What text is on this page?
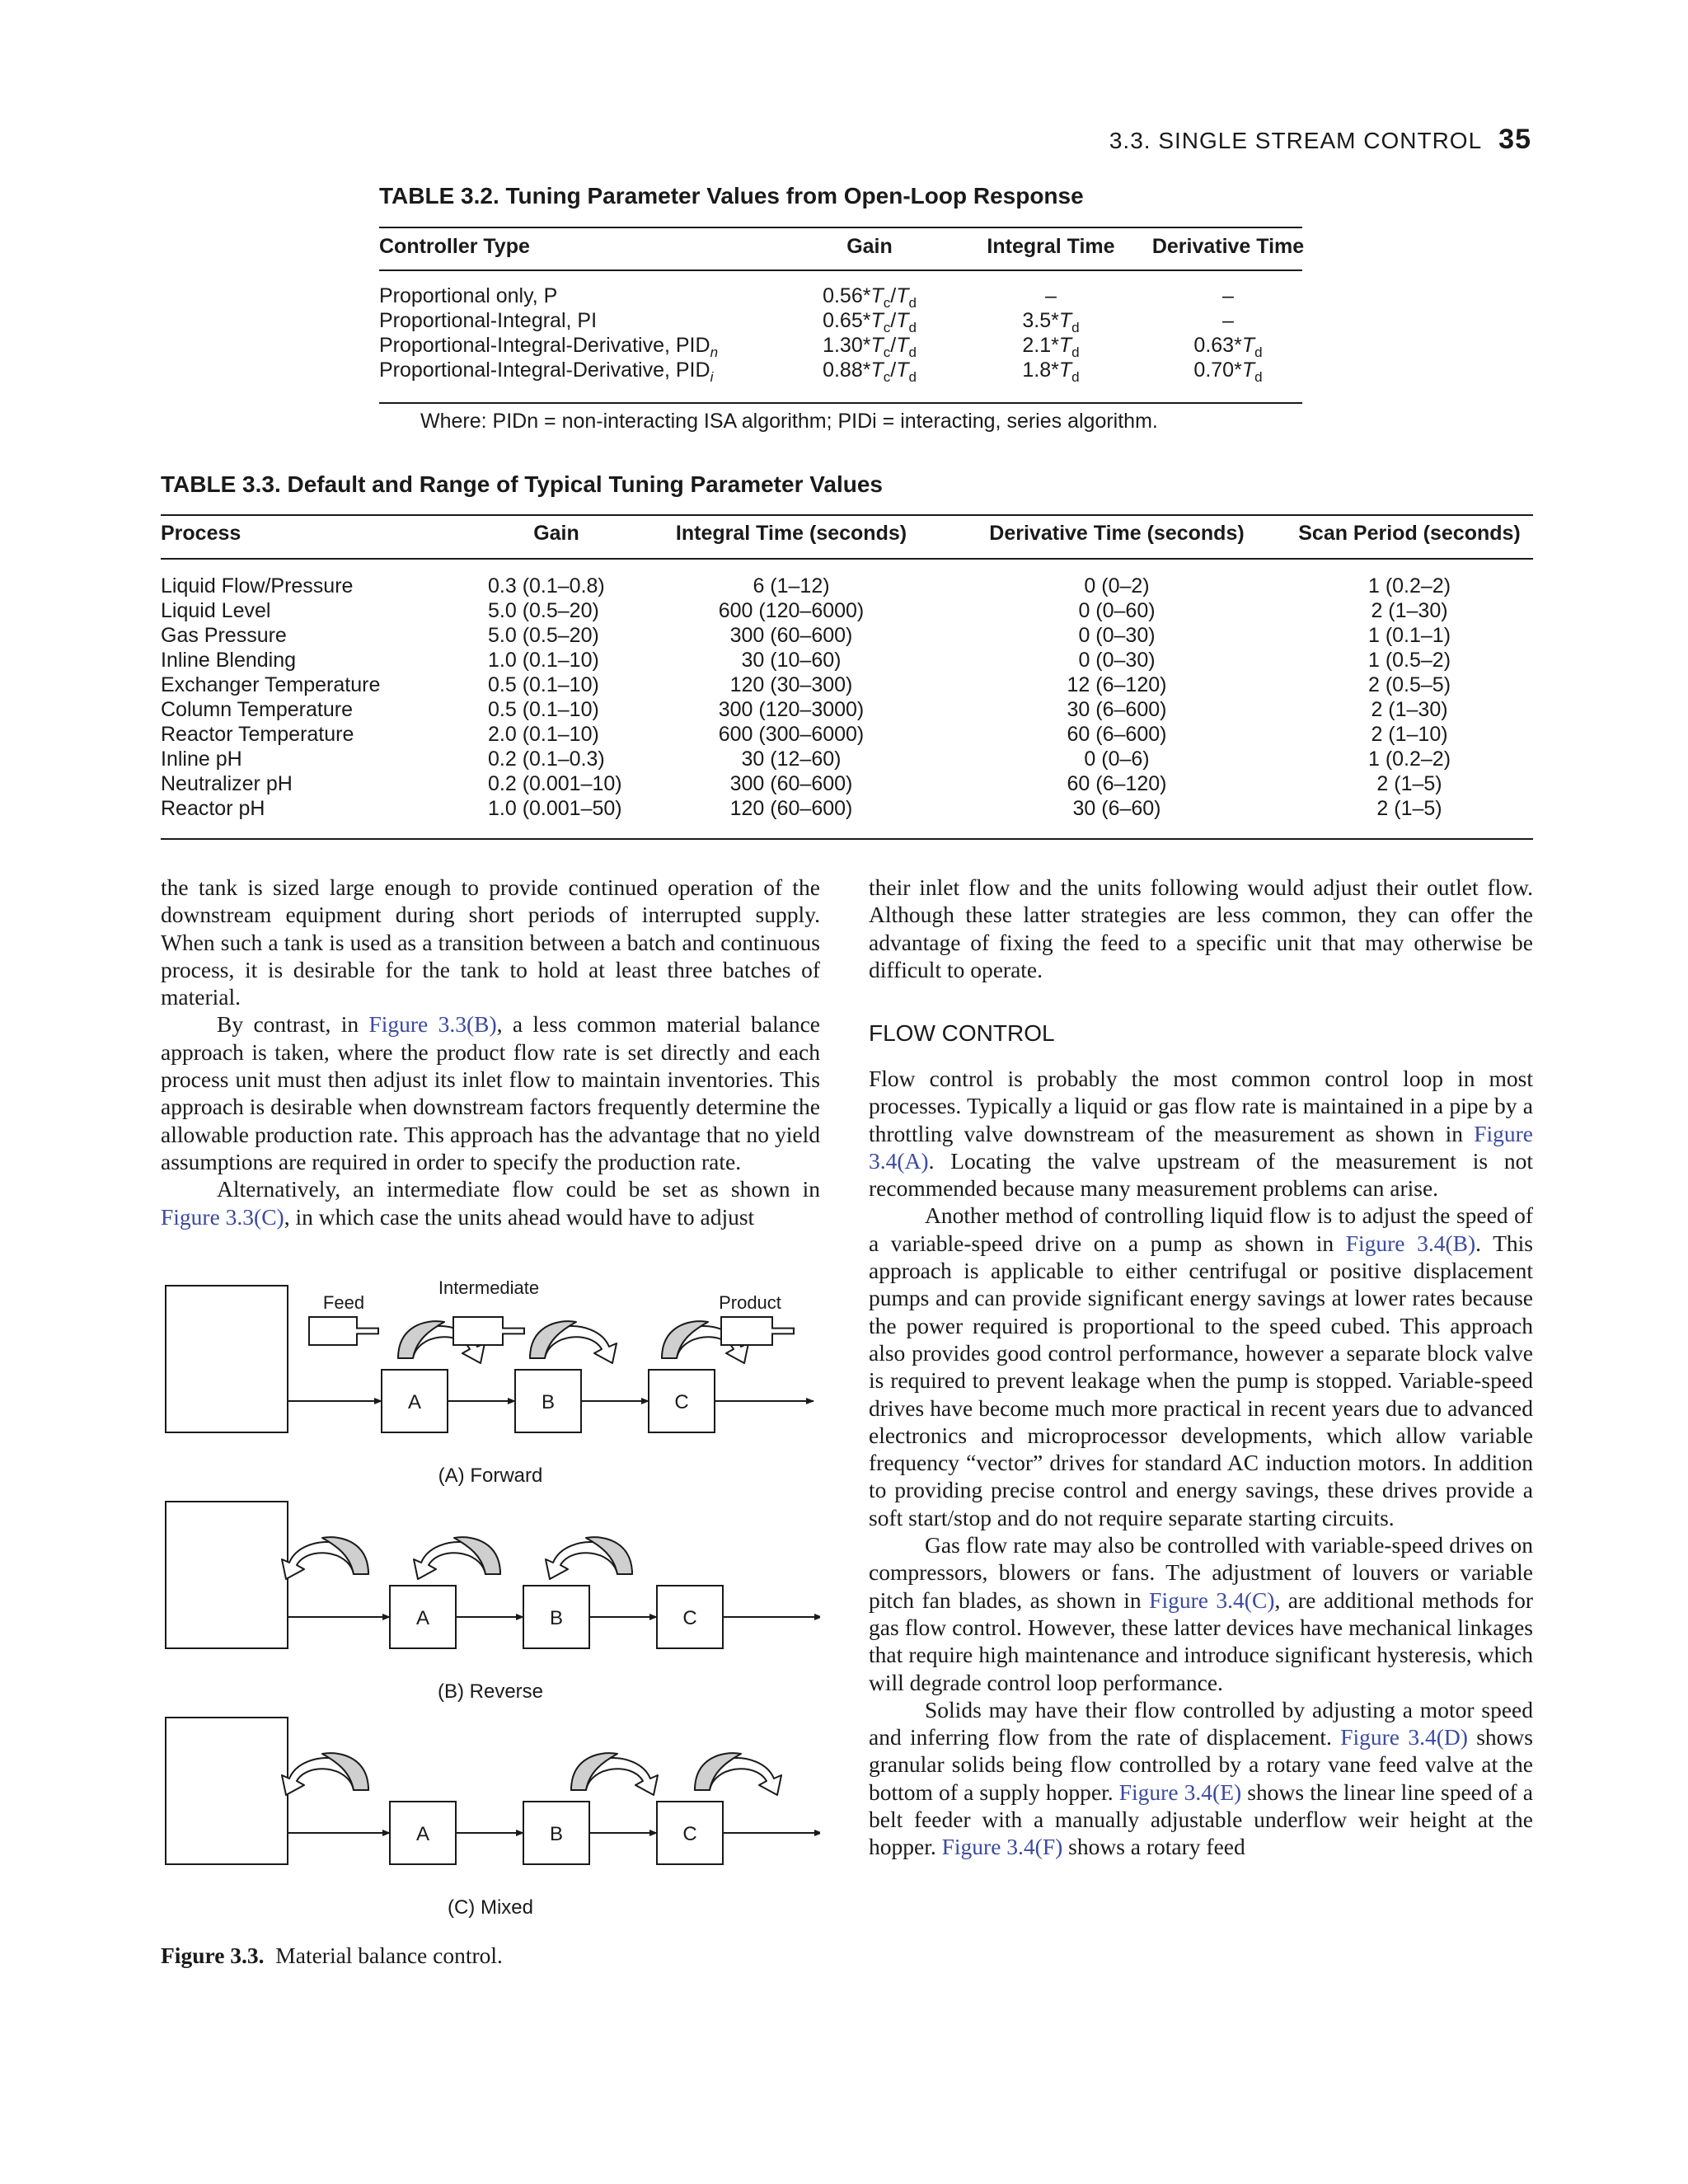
3.3. SINGLE STREAM CONTROL 35
TABLE 3.2. Tuning Parameter Values from Open-Loop Response
Controller Type	Gain	Integral Time	Derivative Time
Proportional only, P	$0.56*T_c/T_d$	–	–
Proportional-Integral, PI	$0.65*T_c/T_d$	$3.5*T_d$	–
Proportional-Integral-Derivative, $PID_n$	$1.30*T_c/T_d$	$2.1*T_d$	$0.63*T_d$
Proportional-Integral-Derivative, $PID_i$	$0.88*T_c/T_d$	$1.8*T_d$	$0.70*T_d$
Where: PIDn = non-interacting ISA algorithm; PIDi = interacting, series algorithm.
TABLE 3.3. Default and Range of Typical Tuning Parameter Values
Process	Gain	Integral Time (seconds)	Derivative Time (seconds)	Scan Period (seconds)
Liquid Flow/Pressure	0.3 (0.1–0.8)	6 (1–12)	0 (0–2)	1 (0.2–2)
Liquid Level	5.0 (0.5–20)	600 (120–6000)	0 (0–60)	2 (1–30)
Gas Pressure	5.0 (0.5–20)	300 (60–600)	0 (0–30)	1 (0.1–1)
Inline Blending	1.0 (0.1–10)	30 (10–60)	0 (0–30)	1 (0.5–2)
Exchanger Temperature	0.5 (0.1–10)	120 (30–300)	12 (6–120)	2 (0.5–5)
Column Temperature	0.5 (0.1–10)	300 (120–3000)	30 (6–600)	2 (1–30)
Reactor Temperature	2.0 (0.1–10)	600 (300–6000)	60 (6–600)	2 (1–10)
Inline pH	0.2 (0.1–0.3)	30 (12–60)	0 (0–6)	1 (0.2–2)
Neutralizer pH	0.2 (0.001–10)	300 (60–600)	60 (6–120)	2 (1–5)
Reactor pH	1.0 (0.001–50)	120 (60–600)	30 (6–60)	2 (1–5)

the tank is sized large enough to provide continued operation of the downstream equipment during short periods of interrupted supply. When such a tank is used as a transition between a batch and continuous process, it is desirable for the tank to hold at least three batches of material.

By contrast, in Figure 3.3(B), a less common material balance approach is taken, where the product flow rate is set directly and each process unit must then adjust its inlet flow to maintain inventories. This approach is desirable when downstream factors frequently determine the allowable production rate. This approach has the advantage that no yield assumptions are required in order to specify the production rate.

Alternatively, an intermediate flow could be set as shown in Figure 3.3(C), in which case the units ahead would have to adjust

A	B	C
Feed
(A) Forward
A	B	C
Product
(B) Reverse
A	B	C
Intermediate
(C) Mixed
Figure 3.3. Material balance control.

their inlet flow and the units following would adjust their outlet flow. Although these latter strategies are less common, they can offer the advantage of fixing the feed to a specific unit that may otherwise be difficult to operate.

FLOW CONTROL

Flow control is probably the most common control loop in most processes. Typically a liquid or gas flow rate is maintained in a pipe by a throttling valve downstream of the measurement as shown in Figure 3.4(A). Locating the valve upstream of the measurement is not recommended because many measurement problems can arise.

Another method of controlling liquid flow is to adjust the speed of a variable-speed drive on a pump as shown in Figure 3.4(B). This approach is applicable to either centrifugal or positive displacement pumps and can provide significant energy savings at lower rates because the power required is proportional to the speed cubed. This approach also provides good control performance, however a separate block valve is required to prevent leakage when the pump is stopped. Variable-speed drives have become much more practical in recent years due to advanced electronics and microprocessor developments, which allow variable frequency “vector” drives for standard AC induction motors. In addition to providing precise control and energy savings, these drives provide a soft start/stop and do not require separate starting circuits.

Gas flow rate may also be controlled with variable-speed drives on compressors, blowers or fans. The adjustment of louvers or variable pitch fan blades, as shown in Figure 3.4(C), are additional methods for gas flow control. However, these latter devices have mechanical linkages that require high maintenance and introduce significant hysteresis, which will degrade control loop performance.

Solids may have their flow controlled by adjusting a motor speed and inferring flow from the rate of displacement. Figure 3.4(D) shows granular solids being flow controlled by a rotary vane feed valve at the bottom of a supply hopper. Figure 3.4(E) shows the linear line speed of a belt feeder with a manually adjustable underflow weir height at the hopper. Figure 3.4(F) shows a rotary feed
